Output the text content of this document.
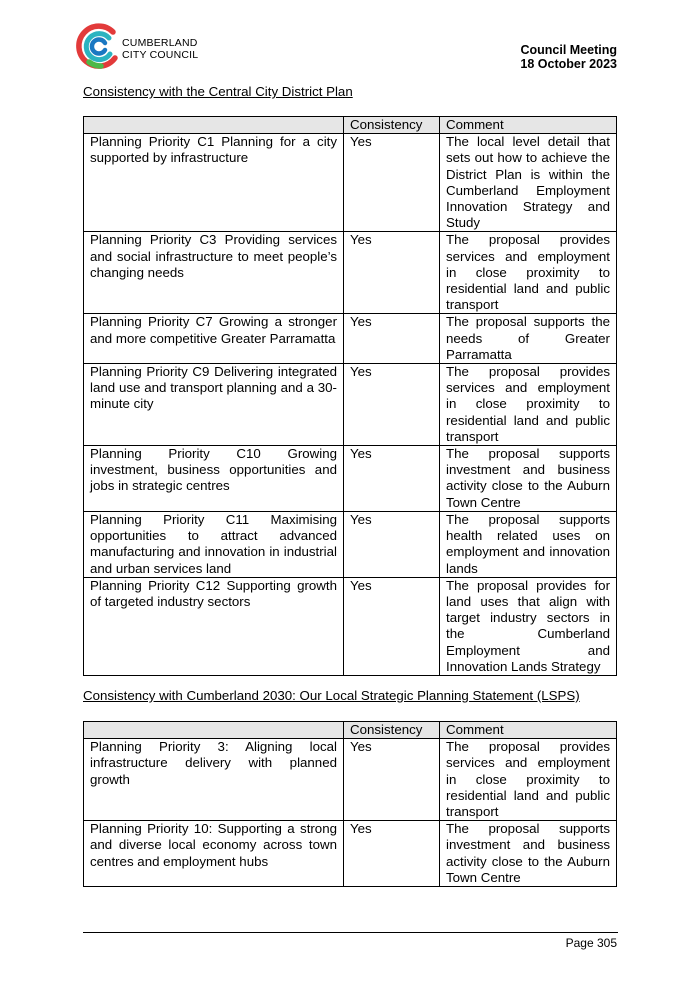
CUMBERLAND
CITY COUNCIL	Council Meeting
18 October 2023
Consistency with the Central City District Plan
	Consistency	Comment
Planning Priority C1 Planning for a city supported by infrastructure	Yes	The local level detail that sets out how to achieve the District Plan is within the Cumberland Employment Innovation Strategy and Study
Planning Priority C3 Providing services and social infrastructure to meet people’s changing needs	Yes	The proposal provides services and employment in close proximity to residential land and public transport
Planning Priority C7 Growing a stronger and more competitive Greater Parramatta	Yes	The proposal supports the needs of Greater Parramatta
Planning Priority C9 Delivering integrated land use and transport planning and a 30-minute city	Yes	The proposal provides services and employment in close proximity to residential land and public transport
Planning Priority C10 Growing investment, business opportunities and jobs in strategic centres	Yes	The proposal supports investment and business activity close to the Auburn Town Centre
Planning Priority C11 Maximising opportunities to attract advanced manufacturing and innovation in industrial and urban services land	Yes	The proposal supports health related uses on employment and innovation lands
Planning Priority C12 Supporting growth of targeted industry sectors	Yes	The proposal provides for land uses that align with target industry sectors in the Cumberland Employment and Innovation Lands Strategy
Consistency with Cumberland 2030: Our Local Strategic Planning Statement (LSPS)
	Consistency	Comment
Planning Priority 3: Aligning local infrastructure delivery with planned growth	Yes	The proposal provides services and employment in close proximity to residential land and public transport
Planning Priority 10: Supporting a strong and diverse local economy across town centres and employment hubs	Yes	The proposal supports investment and business activity close to the Auburn Town Centre
Page 305
